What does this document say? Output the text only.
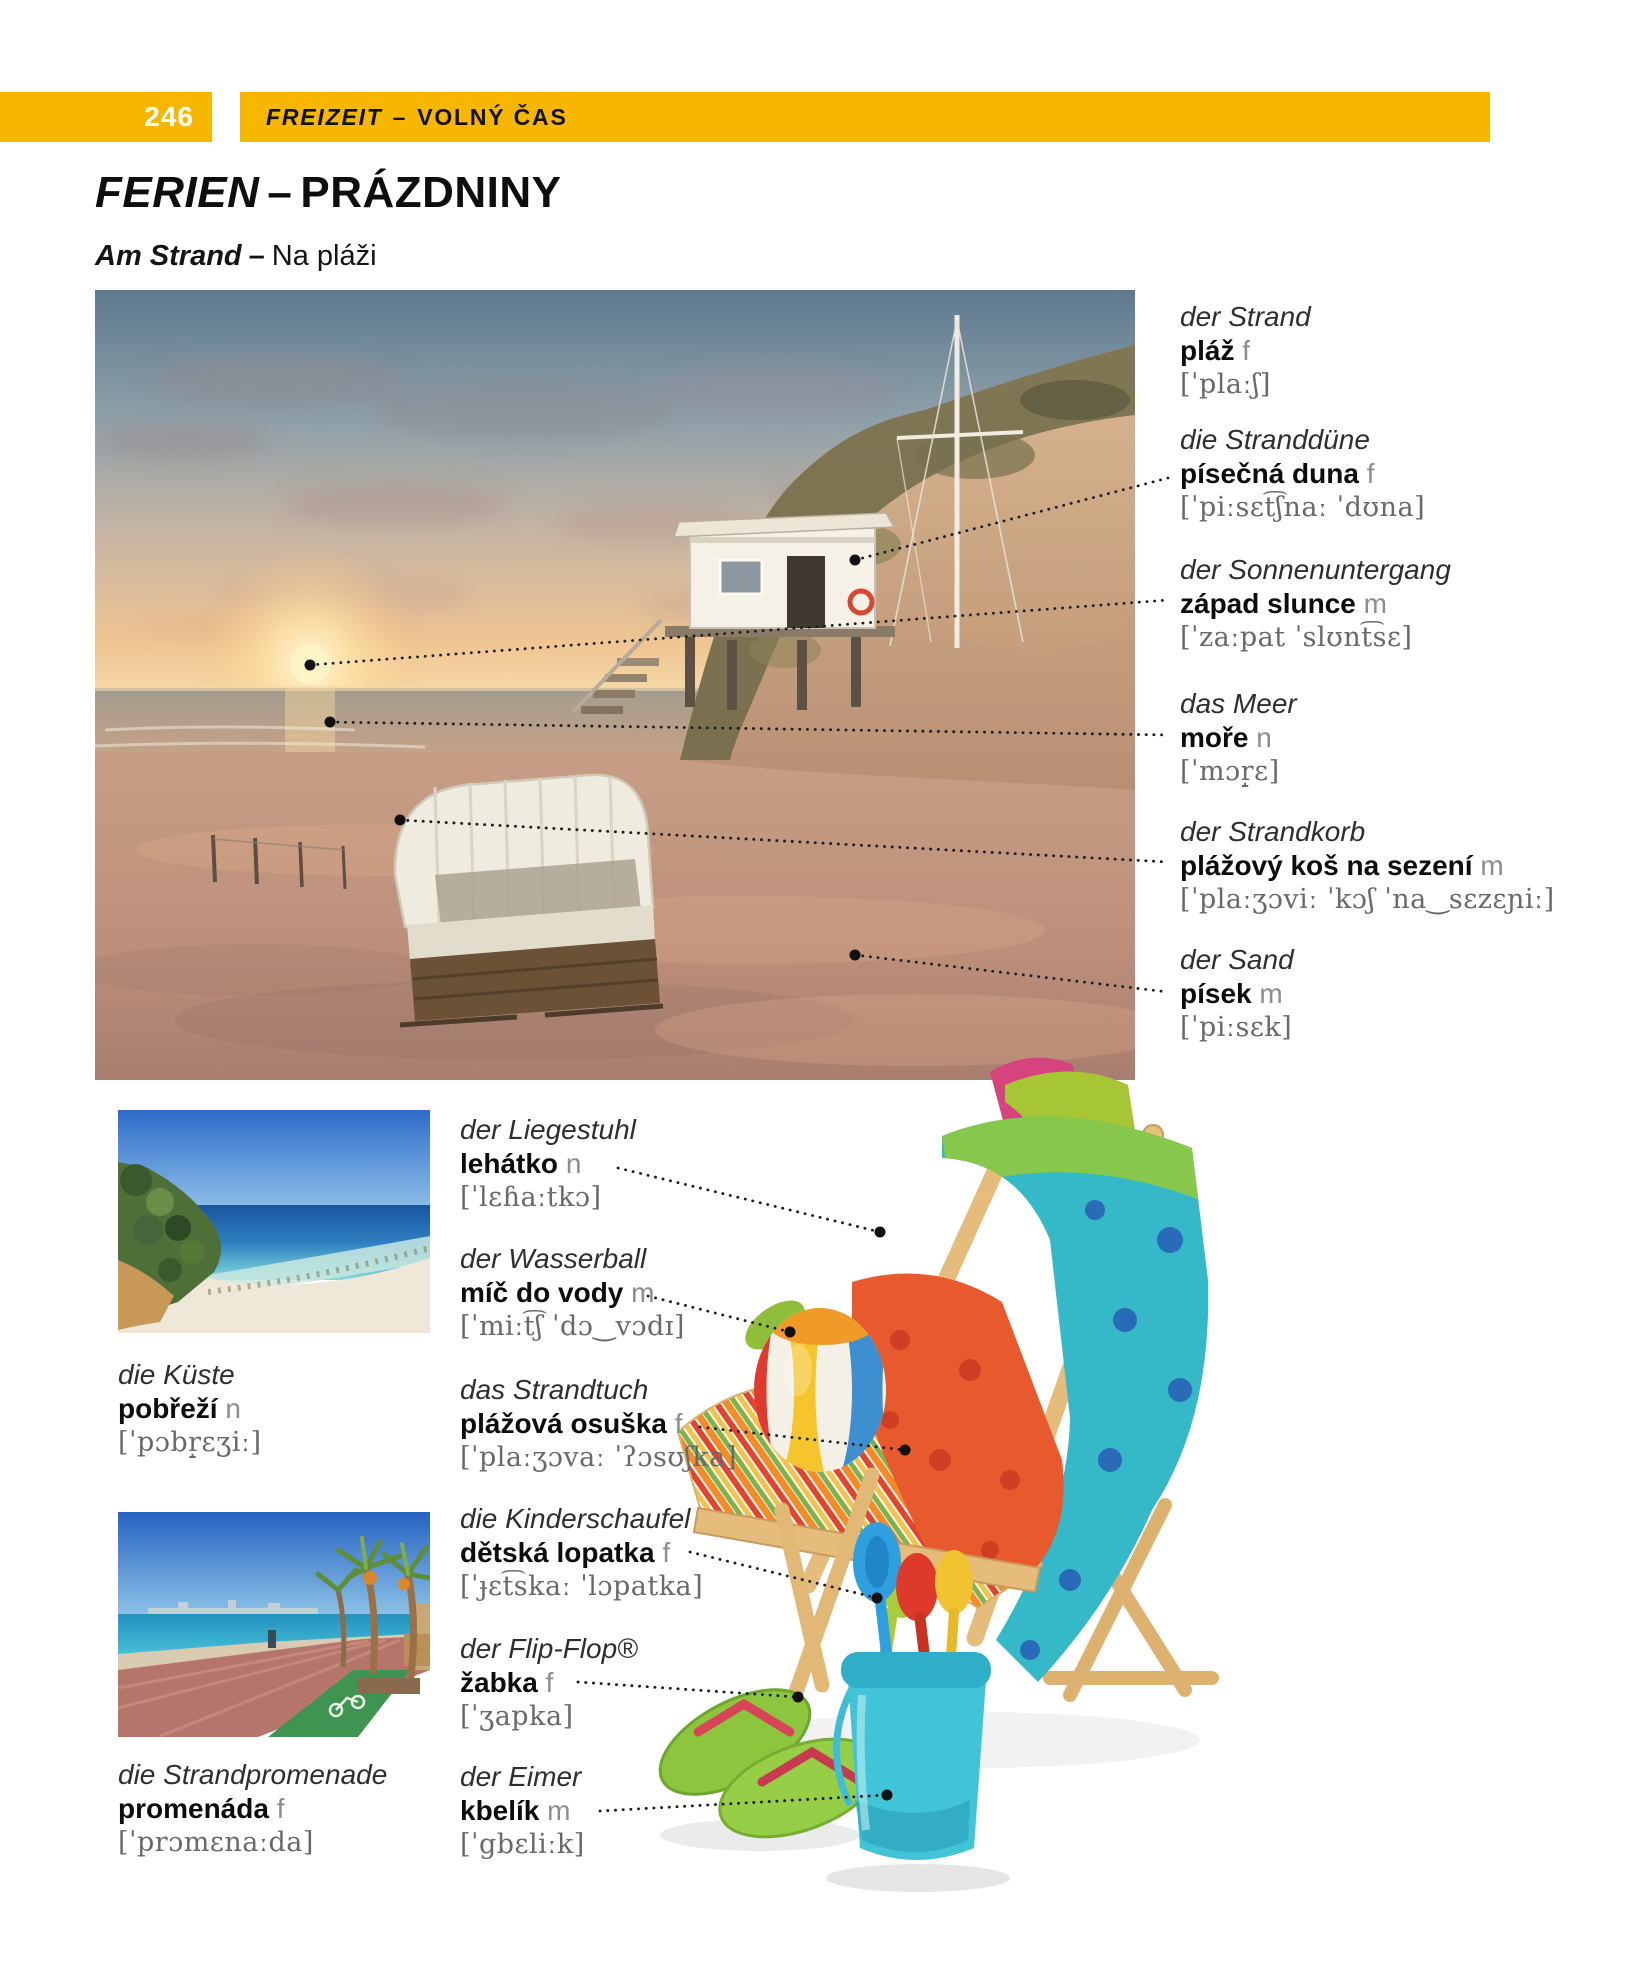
246	FREIZEIT – VOLNÝ ČAS
FERIEN – PRÁZDNINY
Am Strand – Na pláži
der Strand
pláž f
[ˈplaːʃ]
die Stranddüne
písečná duna f
[ˈpiːsɛt͡ʃnaː ˈdʊna]
der Sonnenuntergang
západ slunce m
[ˈzaːpat ˈslʊnt͡sɛ]
das Meer
moře n
[ˈmɔr̝ɛ]
der Strandkorb
plážový koš na sezení m
[ˈplaːʒɔviː ˈkɔʃ ˈna‿sɛzɛɲiː]
der Sand
písek m
[ˈpiːsɛk]
die Küste
pobřeží n
[ˈpɔbr̝ɛʒiː]
die Strandpromenade
promenáda f
[ˈprɔmɛnaːda]
der Liegestuhl
lehátko n
[ˈlɛɦaːtkɔ]
der Wasserball
míč do vody m
[ˈmiːt͡ʃ ˈdɔ‿vɔdɪ]
das Strandtuch
plážová osuška f
[ˈplaːʒɔvaː ˈʔɔsʊʃka]
die Kinderschaufel
dětská lopatka f
[ˈɟɛt͡skaː ˈlɔpatka]
der Flip-Flop®
žabka f
[ˈʒapka]
der Eimer
kbelík m
[ˈgbɛliːk]
